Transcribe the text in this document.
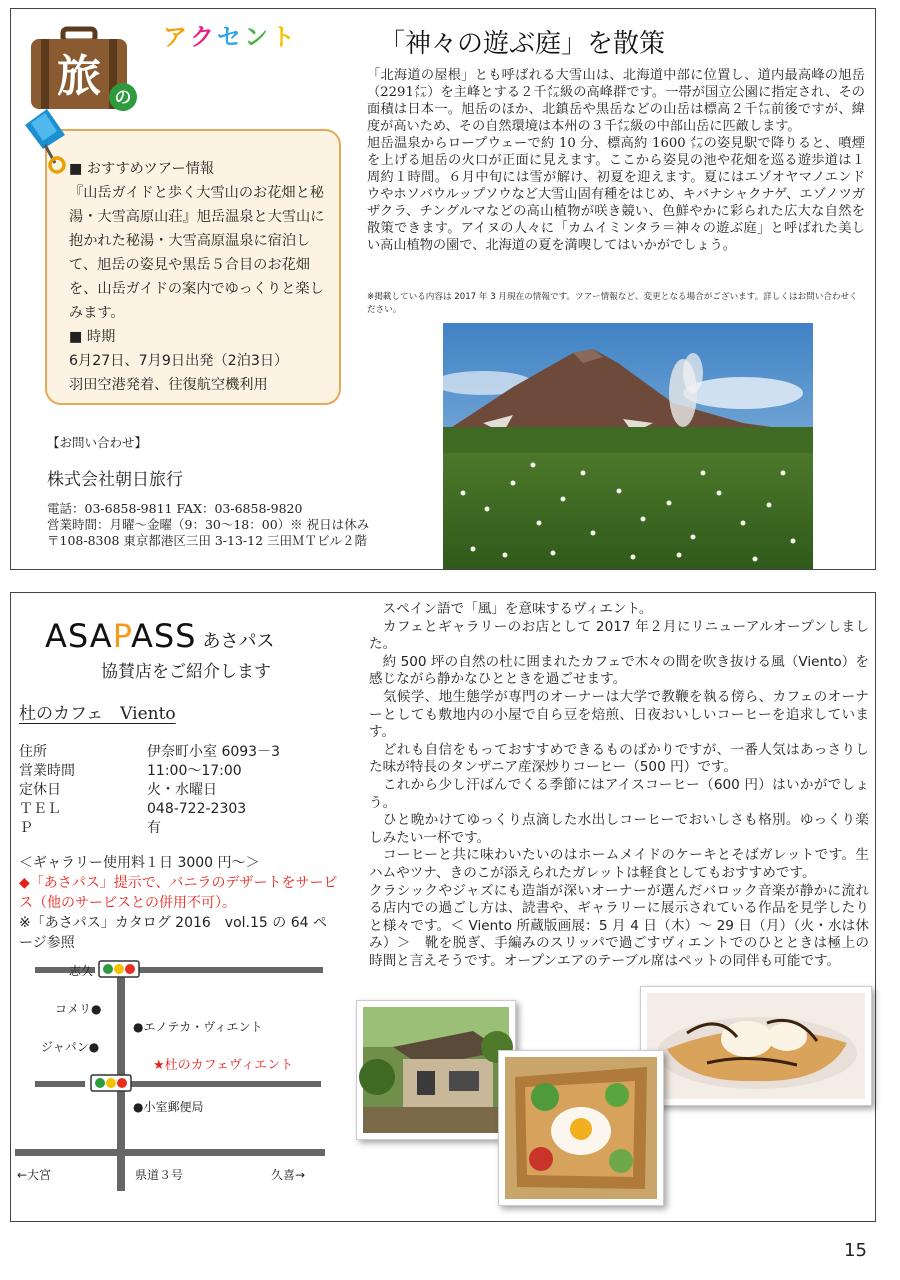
旅 の
アクセント	「神々の遊ぶ庭」を散策
■ おすすめツアー情報
『山岳ガイドと歩く大雪山のお花畑と秘湯・大雪高原山荘』旭岳温泉と大雪山に抱かれた秘湯・大雪高原温泉に宿泊して、旭岳の姿見や黒岳５合目のお花畑を、山岳ガイドの案内でゆっくりと楽しみます。
■ 時期
6月27日、7月9日出発（2泊3日）
羽田空港発着、往復航空機利用
【お問い合わせ】
株式会社朝日旅行
電話：03-6858-9811 FAX：03-6858-9820
営業時間：月曜～金曜（9：30～18：00）※ 祝日は休み
〒108-8308 東京都港区三田 3-13-12 三田ＭＴビル２階
「北海道の屋根」とも呼ばれる大雪山は、北海道中部に位置し、道内最高峰の旭岳（2291㍍）を主峰とする２千㍍級の高峰群です。一帯が国立公園に指定され、その面積は日本一。旭岳のほか、北鎮岳や黒岳などの山岳は標高２千㍍前後ですが、緯度が高いため、その自然環境は本州の３千㍍級の中部山岳に匹敵します。
旭岳温泉からロープウェーで約 10 分、標高約 1600 ㍍の姿見駅で降りると、噴煙を上げる旭岳の火口が正面に見えます。ここから姿見の池や花畑を巡る遊歩道は１周約１時間。６月中旬には雪が解け、初夏を迎えます。夏にはエゾオヤマノエンドウやホソバウルップソウなど大雪山固有種をはじめ、キバナシャクナゲ、エゾノツガザクラ、チングルマなどの高山植物が咲き競い、色鮮やかに彩られた広大な自然を散策できます。アイヌの人々に「カムイミンタラ＝神々の遊ぶ庭」と呼ばれた美しい高山植物の園で、北海道の夏を満喫してはいかがでしょう。
※掲載している内容は 2017 年 3 月現在の情報です。ツアー情報など、変更となる場合がございます。詳しくはお問い合わせください。
ASAPASS あさパス
協賛店をご紹介します
杜のカフェ　Viento
住所	伊奈町小室 6093－3
営業時間	11:00～17:00
定休日	火・水曜日
ＴＥＬ	048-722-2303
Ｐ	有
＜ギャラリー使用料１日 3000 円～＞
◆「あさパス」提示で、バニラのデザートをサービス（他のサービスとの併用不可）。
※「あさパス」カタログ 2016　vol.15 の 64 ページ参照
志久
コメリ●
●エノテカ・ヴィエント
ジャパン●
★杜のカフェヴィエント
●小室郵便局
←大宮	県道３号	久喜→
　スペイン語で「風」を意味するヴィエント。
　カフェとギャラリーのお店として 2017 年２月にリニューアルオープンしました。
　約 500 坪の自然の杜に囲まれたカフェで木々の間を吹き抜ける風（Viento）を感じながら静かなひとときを過ごせます。
　気候学、地生態学が専門のオーナーは大学で教鞭を執る傍ら、カフェのオーナーとしても敷地内の小屋で自ら豆を焙煎、日夜おいしいコーヒーを追求しています。
　どれも自信をもっておすすめできるものばかりですが、一番人気はあっさりした味が特長のタンザニア産深炒りコーヒー（500 円）です。
　これから少し汗ばんでくる季節にはアイスコーヒー（600 円）はいかがでしょう。
　ひと晩かけてゆっくり点滴した水出しコーヒーでおいしさも格別。ゆっくり楽しみたい一杯です。
　コーヒーと共に味わいたいのはホームメイドのケーキとそばガレットです。生ハムやツナ、きのこが添えられたガレットは軽食としてもおすすめです。
クラシックやジャズにも造詣が深いオーナーが選んだバロック音楽が静かに流れる店内での過ごし方は、読書や、ギャラリーに展示されている作品を見学したりと様々です。＜ Viento 所蔵版画展：5 月 4 日（木）～ 29 日（月）（火・水は休み）＞　靴を脱ぎ、手編みのスリッパで過ごすヴィエントでのひとときは極上の時間と言えそうです。オープンエアのテーブル席はペットの同伴も可能です。
15
